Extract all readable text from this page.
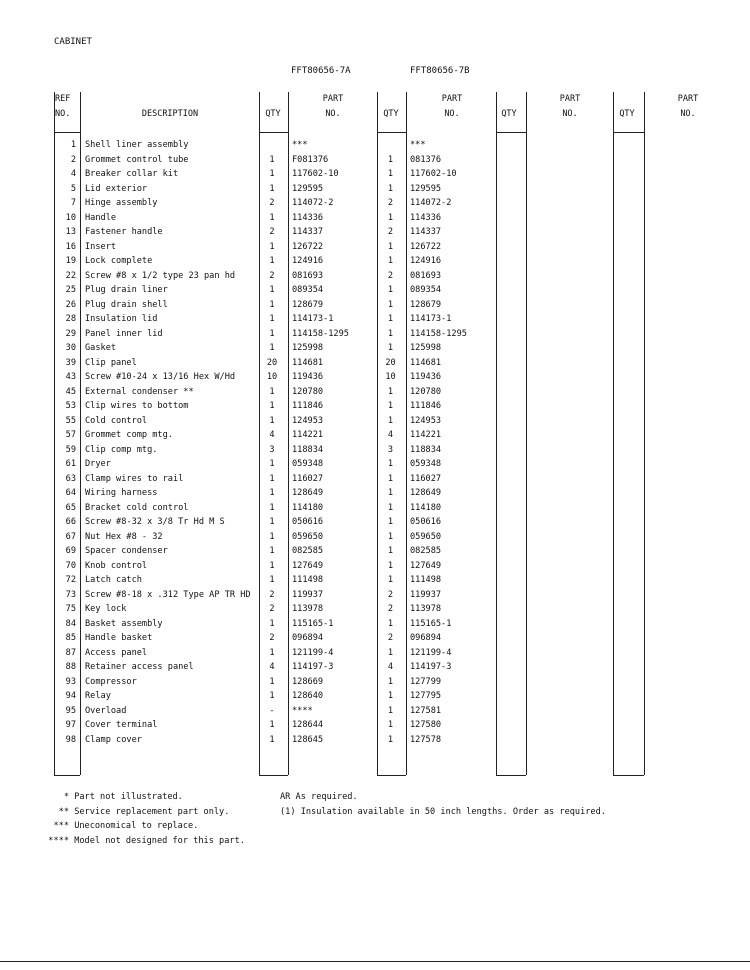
CABINET
FFT80656-7A	FFT80656-7B
REF
NO.	DESCRIPTION	QTY
PART
NO.	QTY
PART
NO.	QTY
PART
NO.	QTY
PART
NO.
1 Shell liner assembly	***	***
2 Grommet control tube	1	F081376	1	081376
4 Breaker collar kit	1	117602-10	1	117602-10
5 Lid exterior	1	129595	1	129595
7 Hinge assembly	2	114072-2	2	114072-2
10 Handle	1	114336	1	114336
13 Fastener handle	2	114337	2	114337
16 Insert	1	126722	1	126722
19 Lock complete	1	124916	1	124916
22 Screw #8 x 1/2 type 23 pan hd	2	081693	2	081693
25 Plug drain liner	1	089354	1	089354
26 Plug drain shell	1	128679	1	128679
28 Insulation lid	1	114173-1	1	114173-1
29 Panel inner lid	1	114158-1295	1	114158-1295
30 Gasket	1	125998	1	125998
39 Clip panel	20	114681	20	114681
43 Screw #10-24 x 13/16 Hex W/Hd	10	119436	10	119436
45 External condenser **	1	120780	1	120780
53 Clip wires to bottom	1	111846	1	111846
55 Cold control	1	124953	1	124953
57 Grommet comp mtg.	4	114221	4	114221
59 Clip comp mtg.	3	118834	3	118834
61 Dryer	1	059348	1	059348
63 Clamp wires to rail	1	116027	1	116027
64 Wiring harness	1	128649	1	128649
65 Bracket cold control	1	114180	1	114180
66 Screw #8-32 x 3/8 Tr Hd M S	1	050616	1	050616
67 Nut Hex #8 - 32	1	059650	1	059650
69 Spacer condenser	1	082585	1	082585
70 Knob control	1	127649	1	127649
72 Latch catch	1	111498	1	111498
73 Screw #8-18 x .312 Type AP TR HD	2	119937	2	119937
75 Key lock	2	113978	2	113978
84 Basket assembly	1	115165-1	1	115165-1
85 Handle basket	2	096894	2	096894
87 Access panel	1	121199-4	1	121199-4
88 Retainer access panel	4	114197-3	4	114197-3
93 Compressor	1	128669	1	127799
94 Relay	1	128640	1	127795
95 Overload	-	****	1	127581
97 Cover terminal	1	128644	1	127580
98 Clamp cover	1	128645	1	127578
* Part not illustrated.
** Service replacement part only.
*** Uneconomical to replace.
**** Model not designed for this part.
AR As required.
(1) Insulation available in 50 inch lengths. Order as required.
